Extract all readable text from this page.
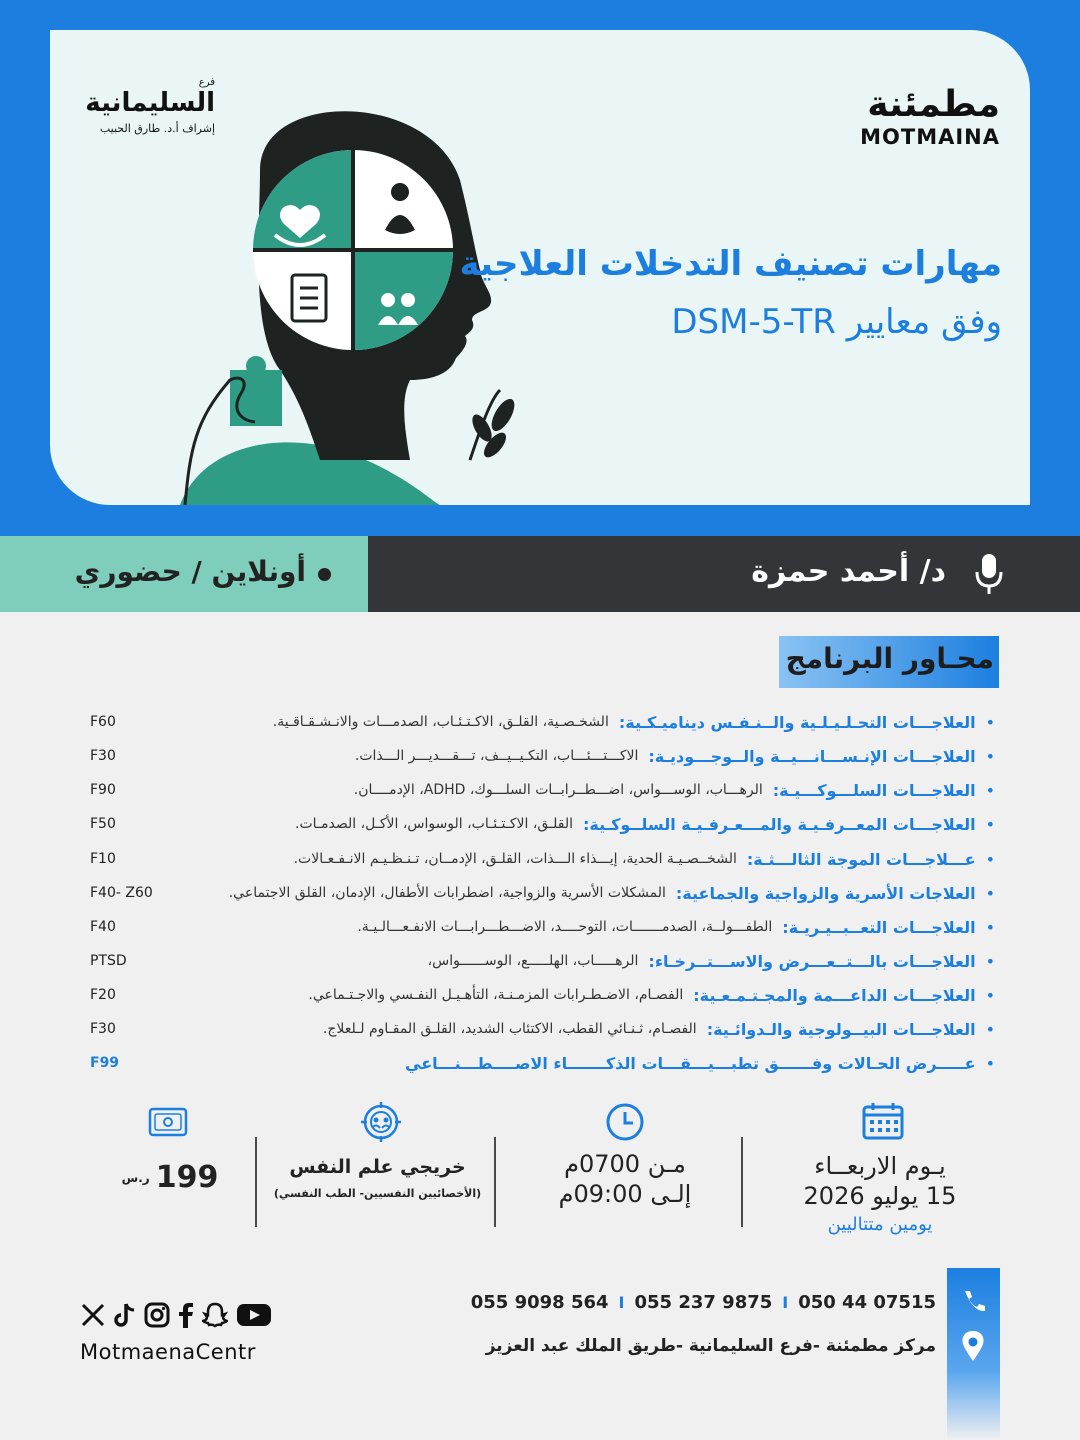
فرع
السليمانية
إشراف أ.د. طارق الحبيب
مطمئنة
MOTMAINA
مهارات تصنيف التدخلات العلاجية
وفق معايير DSM-5-TR
د/ أحمد حمزة
أونلاين / حضوري
محـاور البرنامج
•
العلاجـــات التحـلـيـلـية والــنـفـس ديناميـكـية:
الشخـصـية، القلـق، الاكـتـئـاب، الصدمـــات والانـشـقـاقـية.
F60
•
العلاجـــات الإنـســـانـــيــة والــوجـــوديـة:
الاكـــتـــئـــاب، التكـيــيــف، تـــقـــديـــر الـــذات.
F30
•
العلاجـــات السلـــوكـــيـة:
الرهـــاب، الوســـواس، اضـــطــرابــات السلـــوك، ADHD، الإدمــــان.
F90
•
العلاجـــات المعــرفـيـة والمـــعـرفـيـة السلــوكـية:
القلـق، الاكـتـئـاب، الوسواس، الأكـل، الصدمـات.
F50
•
عـــلاجـــات الموجة الثالـــثـة:
الشخــصـيـة الحدية، إيـــذاء الـــذات، القلـق، الإدمــان، تـنـظـيـم الانـفـعـالات.
F10
•
العلاجات الأسرية والزواجية والجماعية:
المشكلات الأسرية والزواجية، اضطرابات الأطفال، الإدمان، القلق الاجتماعي.
F40- Z60
•
العلاجـــات التعــبــيـريـة:
الطفـــولــة، الصدمـــــــات، التوحــــد، الاضـــطـــرابـــات الانفـعـــالـيـة.
F40
•
العلاجـــات بالـــتــعـــرض والاســـتــرخـاء:
الرهـــــاب، الهلـــــع، الوســــــواس،
PTSD
•
العلاجـــات الداعـــمة والمجـتـمـعـية:
الفصـام، الاضـطـرابات المزمـنـة، التأهـيـل النفـسي والاجـتـماعي.
F20
•
العلاجـــات البيــولوجية والـدوائـية:
الفصـام، ثـنـائي القطب، الاكتئاب الشديد، القلـق المقـاوم لـلعلاج.
F30
•
عـــــرض الحـالات وفــــــق تطبـــيـــقـــات الذكـــــــاء الاصــــطـــنـــاعي
F99
يـوم الاربعــاء
15 يوليو 2026
يومين متتاليين
مـن 0700م
إلـى 09:00م
خريجي علم النفس
(الأخصائيين النفسيين- الطب النفسي)
ر.س 199
055 9098 564 I 055 237 9875 I 050 44 07515
مركز مطمئنة -فرع السليمانية -طريق الملك عبد العزيز
MotmaenaCentr
